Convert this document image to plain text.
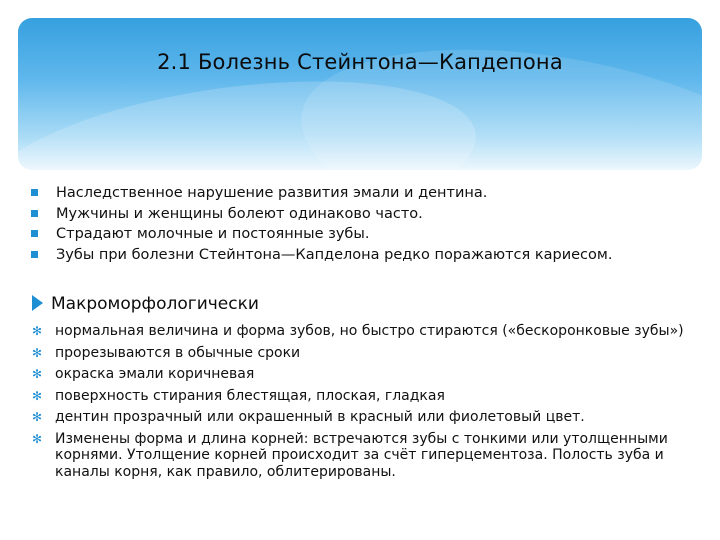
2.1 Болезнь Стейнтона—Капдепона
Наследственное нарушение развития эмали и дентина.
Мужчины и женщины болеют одинаково часто.
Страдают молочные и постоянные зубы.
Зубы при болезни Стейнтона—Капделона редко поражаются кариесом.
Макроморфологически
✻ нормальная величина и форма зубов, но быстро стираются («бескоронковые зубы»)
✻ прорезываются в обычные сроки
✻ окраска эмали коричневая
✻ поверхность стирания блестящая, плоская, гладкая
✻ дентин прозрачный или окрашенный в красный или фиолетовый цвет.
✻ Изменены форма и длина корней: встречаются зубы с тонкими или утолщенными корнями. Утолщение корней происходит за счёт гиперцементоза. Полость зуба и каналы корня, как правило, облитерированы.
